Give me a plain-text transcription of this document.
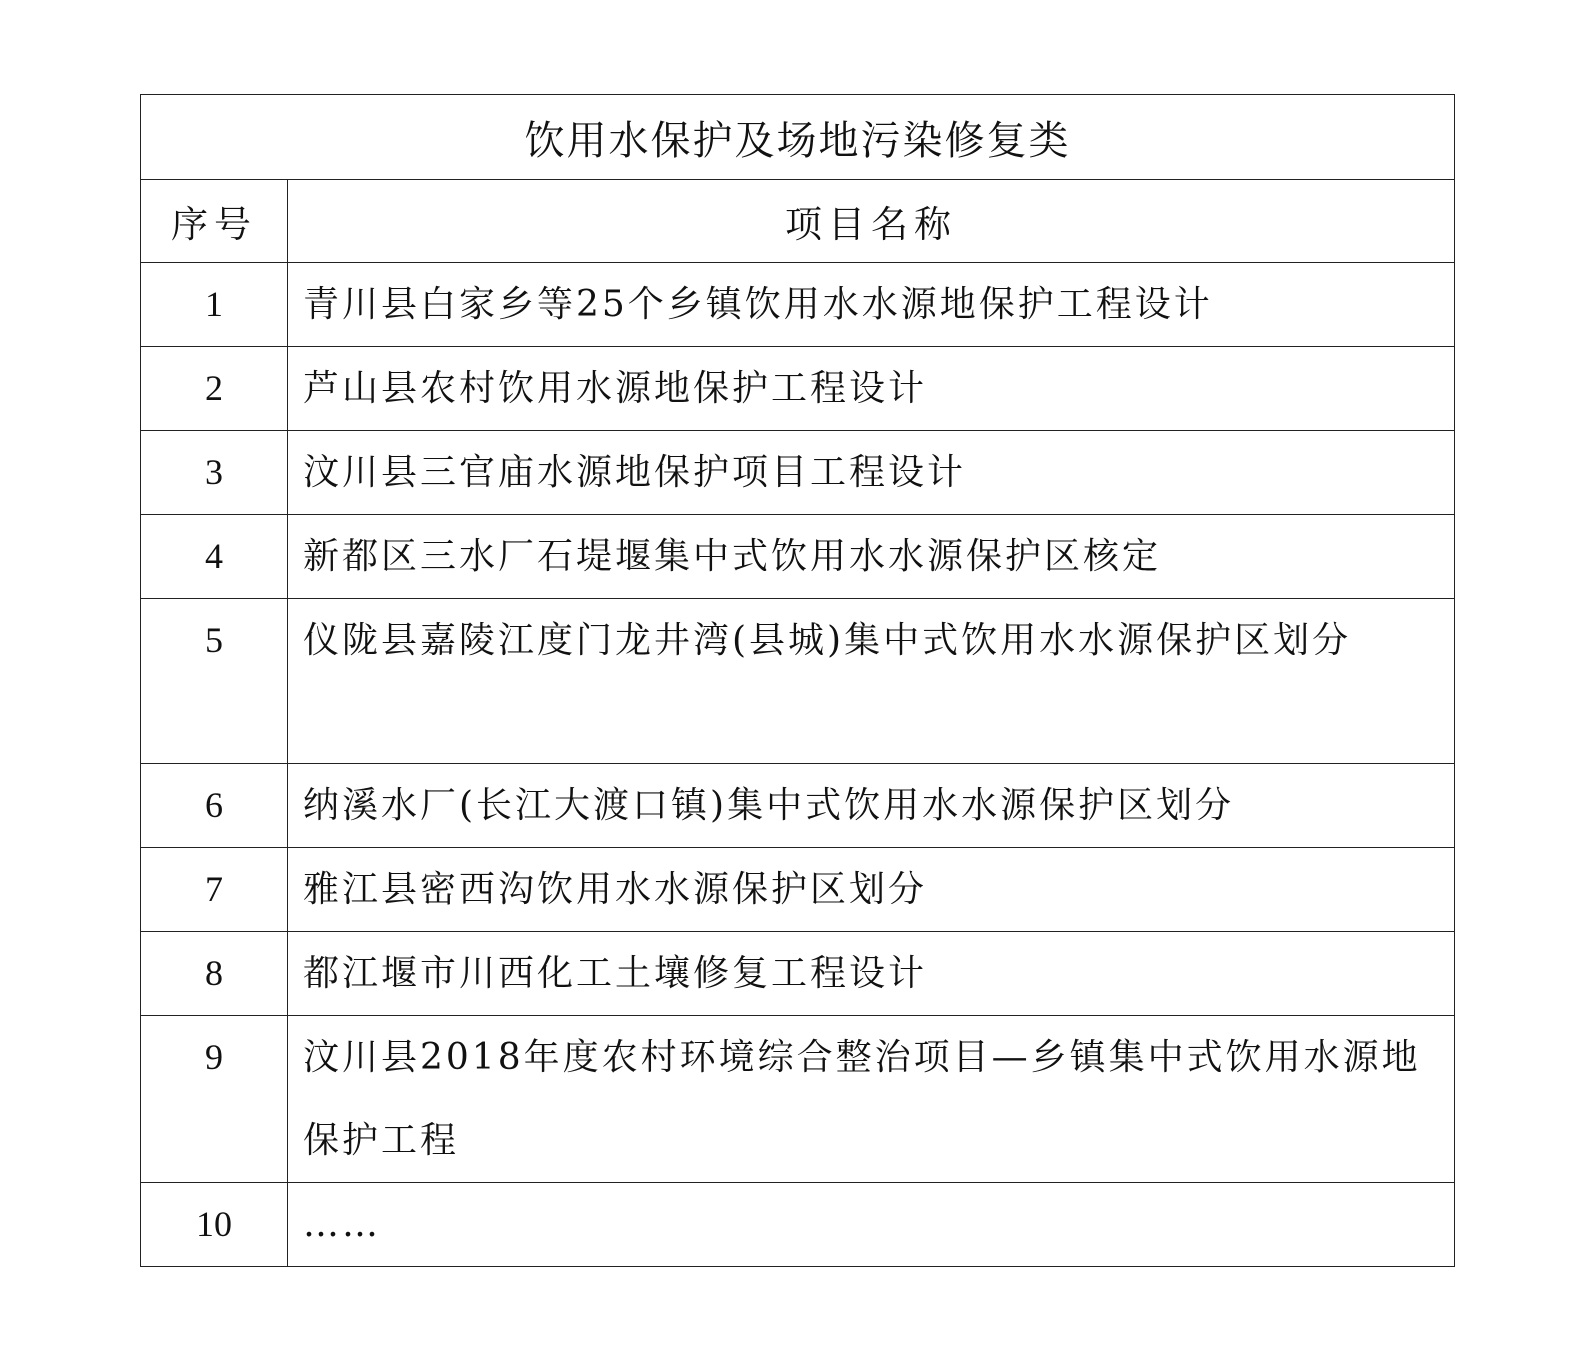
饮用水保护及场地污染修复类	
序号	项目名称
1	青川县白家乡等25个乡镇饮用水水源地保护工程设计
2	芦山县农村饮用水源地保护工程设计
3	汶川县三官庙水源地保护项目工程设计
4	新都区三水厂石堤堰集中式饮用水水源保护区核定
5	仪陇县嘉陵江度门龙井湾(县城)集中式饮用水水源保护区划分
6	纳溪水厂(长江大渡口镇)集中式饮用水水源保护区划分
7	雅江县密西沟饮用水水源保护区划分
8	都江堰市川西化工土壤修复工程设计
9	汶川县2018年度农村环境综合整治项目—乡镇集中式饮用水源地保护工程
10	……
